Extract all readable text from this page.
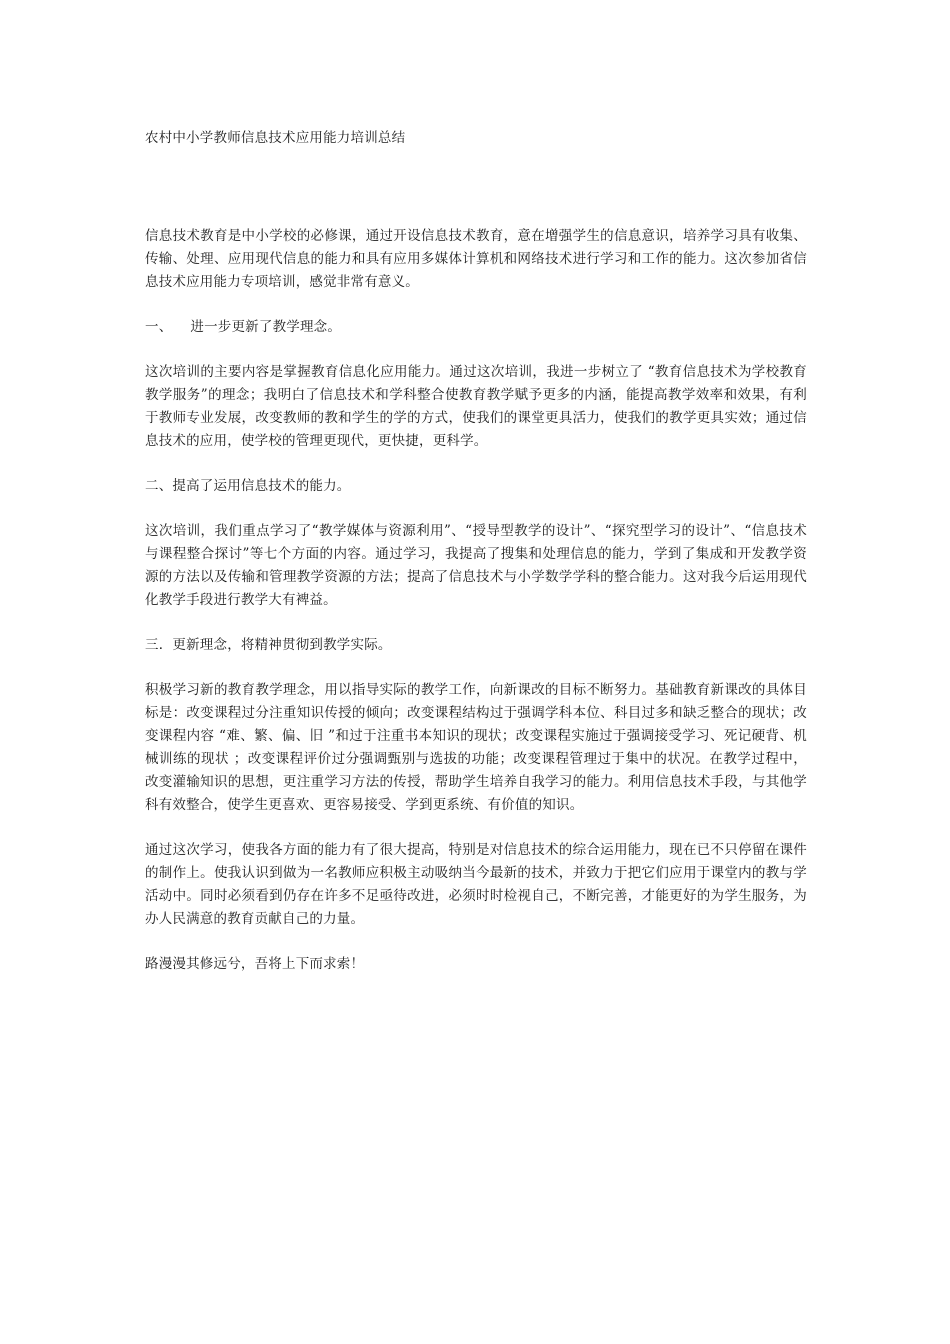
农村中小学教师信息技术应用能力培训总结

信息技术教育是中小学校的必修课，通过开设信息技术教育，意在增强学生的信息意识，培养学习具有收集、传输、处理、应用现代信息的能力和具有应用多媒体计算机和网络技术进行学习和工作的能力。这次参加省信息技术应用能力专项培训，感觉非常有意义。

一、    进一步更新了教学理念。

这次培训的主要内容是掌握教育信息化应用能力。通过这次培训，我进一步树立了 “教育信息技术为学校教育教学服务”的理念；我明白了信息技术和学科整合使教育教学赋予更多的内涵，能提高教学效率和效果，有利于教师专业发展，改变教师的教和学生的学的方式，使我们的课堂更具活力，使我们的教学更具实效；通过信息技术的应用，使学校的管理更现代，更快捷，更科学。

二、提高了运用信息技术的能力。

这次培训，我们重点学习了“教学媒体与资源利用”、“授导型教学的设计”、“探究型学习的设计”、“信息技术与课程整合探讨”等七个方面的内容。通过学习，我提高了搜集和处理信息的能力，学到了集成和开发教学资源的方法以及传输和管理教学资源的方法；提高了信息技术与小学数学学科的整合能力。这对我今后运用现代化教学手段进行教学大有裨益。

三．更新理念，将精神贯彻到教学实际。

积极学习新的教育教学理念，用以指导实际的教学工作，向新课改的目标不断努力。基础教育新课改的具体目标是：改变课程过分注重知识传授的倾向；改变课程结构过于强调学科本位、科目过多和缺乏整合的现状；改变课程内容 “难、繁、偏、旧 ”和过于注重书本知识的现状；改变课程实施过于强调接受学习、死记硬背、机械训练的现状 ；改变课程评价过分强调甄别与选拔的功能；改变课程管理过于集中的状况。在教学过程中，改变灌输知识的思想，更注重学习方法的传授，帮助学生培养自我学习的能力。利用信息技术手段，与其他学科有效整合，使学生更喜欢、更容易接受、学到更系统、有价值的知识。

通过这次学习，使我各方面的能力有了很大提高，特别是对信息技术的综合运用能力，现在已不只停留在课件的制作上。使我认识到做为一名教师应积极主动吸纳当今最新的技术，并致力于把它们应用于课堂内的教与学活动中。同时必须看到仍存在许多不足亟待改进，必须时时检视自己，不断完善，才能更好的为学生服务，为办人民满意的教育贡献自己的力量。

路漫漫其修远兮，吾将上下而求索！
